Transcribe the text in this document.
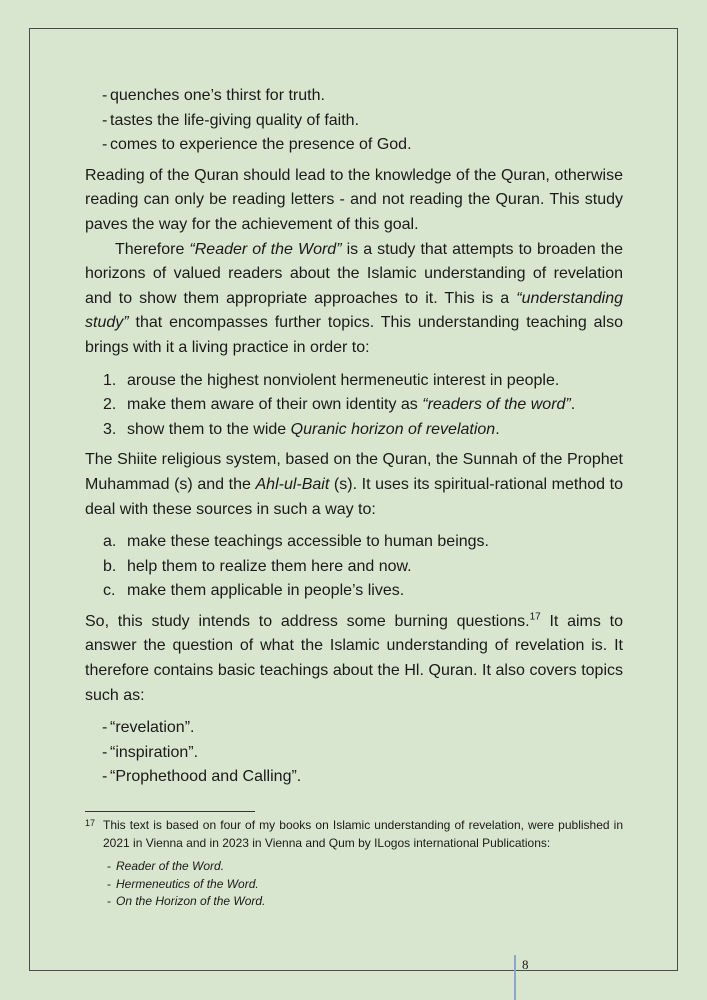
- quenches one’s thirst for truth.
- tastes the life-giving quality of faith.
- comes to experience the presence of God.

Reading of the Quran should lead to the knowledge of the Quran, otherwise reading can only be reading letters - and not reading the Quran. This study paves the way for the achievement of this goal.

Therefore “Reader of the Word” is a study that attempts to broaden the horizons of valued readers about the Islamic understanding of revelation and to show them appropriate approaches to it. This is a “understanding study” that encompasses further topics. This understanding teaching also brings with it a living practice in order to:

1. arouse the highest nonviolent hermeneutic interest in people.
2. make them aware of their own identity as “readers of the word”.
3. show them to the wide Quranic horizon of revelation.

The Shiite religious system, based on the Quran, the Sunnah of the Prophet Muhammad (s) and the Ahl-ul-Bait (s). It uses its spiritual-rational method to deal with these sources in such a way to:

a. make these teachings accessible to human beings.
b. help them to realize them here and now.
c. make them applicable in people’s lives.

So, this study intends to address some burning questions.$^{17}$ It aims to answer the question of what the Islamic understanding of revelation is. It therefore contains basic teachings about the Hl. Quran. It also covers topics such as:

- “revelation”.
- “inspiration”.
- “Prophethood and Calling”.
17 This text is based on four of my books on Islamic understanding of revelation, were published in 2021 in Vienna and in 2023 in Vienna and Qum by ILogos international Publications:
- Reader of the Word.
- Hermeneutics of the Word.
- On the Horizon of the Word.
8
